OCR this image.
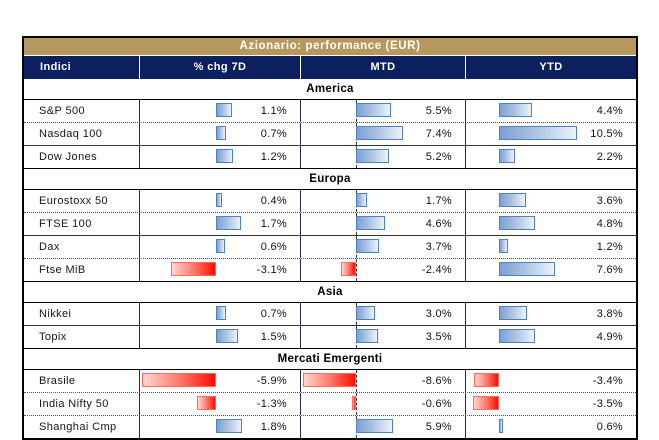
Azionario: performance (EUR)
Indici	% chg 7D	MTD	YTD
America
S&P 500	1.1%	5.5%	4.4%
Nasdaq 100	0.7%	7.4%	10.5%
Dow Jones	1.2%	5.2%	2.2%
Europa
Eurostoxx 50	0.4%	1.7%	3.6%
FTSE 100	1.7%	4.6%	4.8%
Dax	0.6%	3.7%	1.2%
Ftse MiB	-3.1%	-2.4%	7.6%
Asia
Nikkei	0.7%	3.0%	3.8%
Topix	1.5%	3.5%	4.9%
Mercati Emergenti
Brasile	-5.9%	-8.6%	-3.4%
India Nifty 50	-1.3%	-0.6%	-3.5%
Shanghai Cmp	1.8%	5.9%	0.6%
